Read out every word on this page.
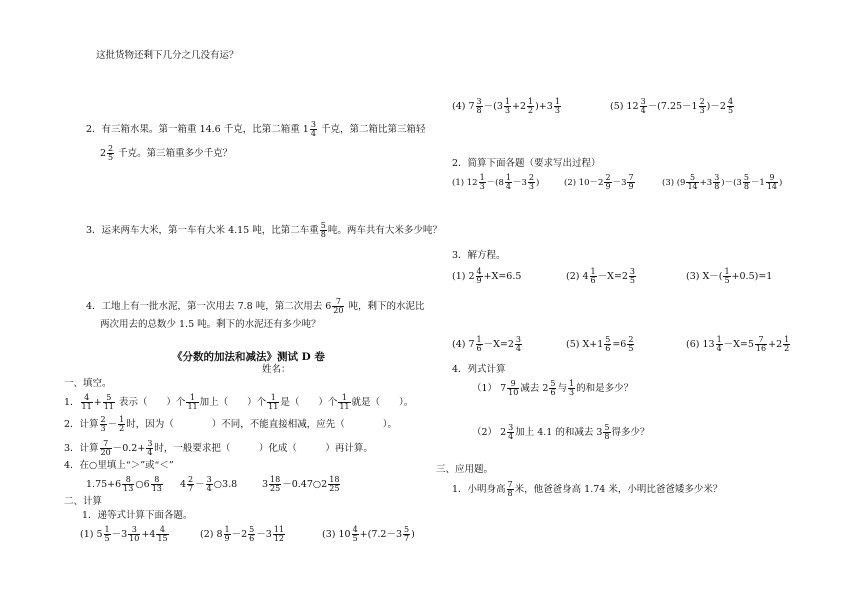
这批货物还剩下几分之几没有运？
2．有三箱水果。第一箱重 14.6 千克，比第二箱重 $1 \frac{3}{4}$ 千克，第二箱比第三箱轻
$2 \frac{2}{5}$ 千克。第三箱重多少千克？
3．运来两车大米，第一车有大米 4.15 吨，比第二车重 $\frac{5}{8}$ 吨。两车共有大米多少吨？
4．工地上有一批水泥，第一次用去 7.8 吨，第二次用去 $6 \frac{7}{20}$ 吨，剩下的水泥比
两次用去的总数少 1.5 吨。剩下的水泥还有多少吨？
《分数的加法和减法》测试 D 卷
姓名：
一、填空。
1． $\frac{4}{11} + \frac{5}{11}$ 表示（　　）个 $\frac{1}{11}$ 加上（　　）个 $\frac{1}{11}$ 是（　　）个 $\frac{1}{11}$ 就是（　　）。
2．计算 $\frac{2}{3} - \frac{1}{2}$ 时，因为（　　　　）不同，不能直接相减，应先（　　　　）。
3．计算 $\frac{7}{20} -0.2+ \frac{3}{4}$ 时，一般要求把（　　　）化成（　　　）再计算。
4．在○里填上“＞”或“＜”
$1.75+6 \frac{8}{13}$ ○6 $\frac{8}{13} 4 \frac{2}{7} - \frac{3}{4}$ ○3.8	$3 \frac{18}{25}$ －0.47○2 $\frac{18}{25}$
二、计算
1．递等式计算下面各题。
(1) $5 \frac{1}{5} -3 \frac{3}{10} +4 \frac{4}{15}$	(2) $8 \frac{1}{9} -2 \frac{5}{6} -3 \frac{11}{12}$	(3) $10 \frac{4}{5} +(7.2-3 \frac{5}{7}$ )
(4) $7 \frac{3}{8} -(3 \frac{1}{3} +2 \frac{1}{2} )+3 \frac{1}{3}$	(5) $12 \frac{3}{4} -(7.25-1 \frac{2}{3} )-2 \frac{4}{5}$
2．简算下面各题（要求写出过程）
(1) $12 \frac{1}{3} -(8 \frac{1}{4} -3 \frac{2}{3}$ )	(2) $10-2 \frac{2}{9} -3 \frac{7}{9}$	(3) $(9 \frac{5}{14} +3 \frac{3}{8} )-(3 \frac{5}{8} -1 \frac{9}{14}$ )
3．解方程。
(1) $2 \frac{4}{9} +X=6.5$	(2) $4 \frac{1}{6} -X=2 \frac{3}{5}$	(3) $X-( \frac{1}{5} +0.5)=1$
(4) $7 \frac{1}{6} -X=2 \frac{3}{4}$	(5) $X+1 \frac{5}{6} =6 \frac{2}{5}$	(6) $13 \frac{1}{4} -X=5 \frac{7}{16} +2 \frac{1}{2}$
4．列式计算
（1） $7 \frac{9}{10}$ 减去 $2 \frac{5}{6}$ 与 $\frac{1}{3}$ 的和是多少？
（2） $2 \frac{3}{4}$ 加上 4.1 的和减去 $3 \frac{5}{8}$ 得多少？
三、应用题。
1．小明身高 $\frac{7}{8}$ 米，他爸爸身高 1.74 米，小明比爸爸矮多少米？
